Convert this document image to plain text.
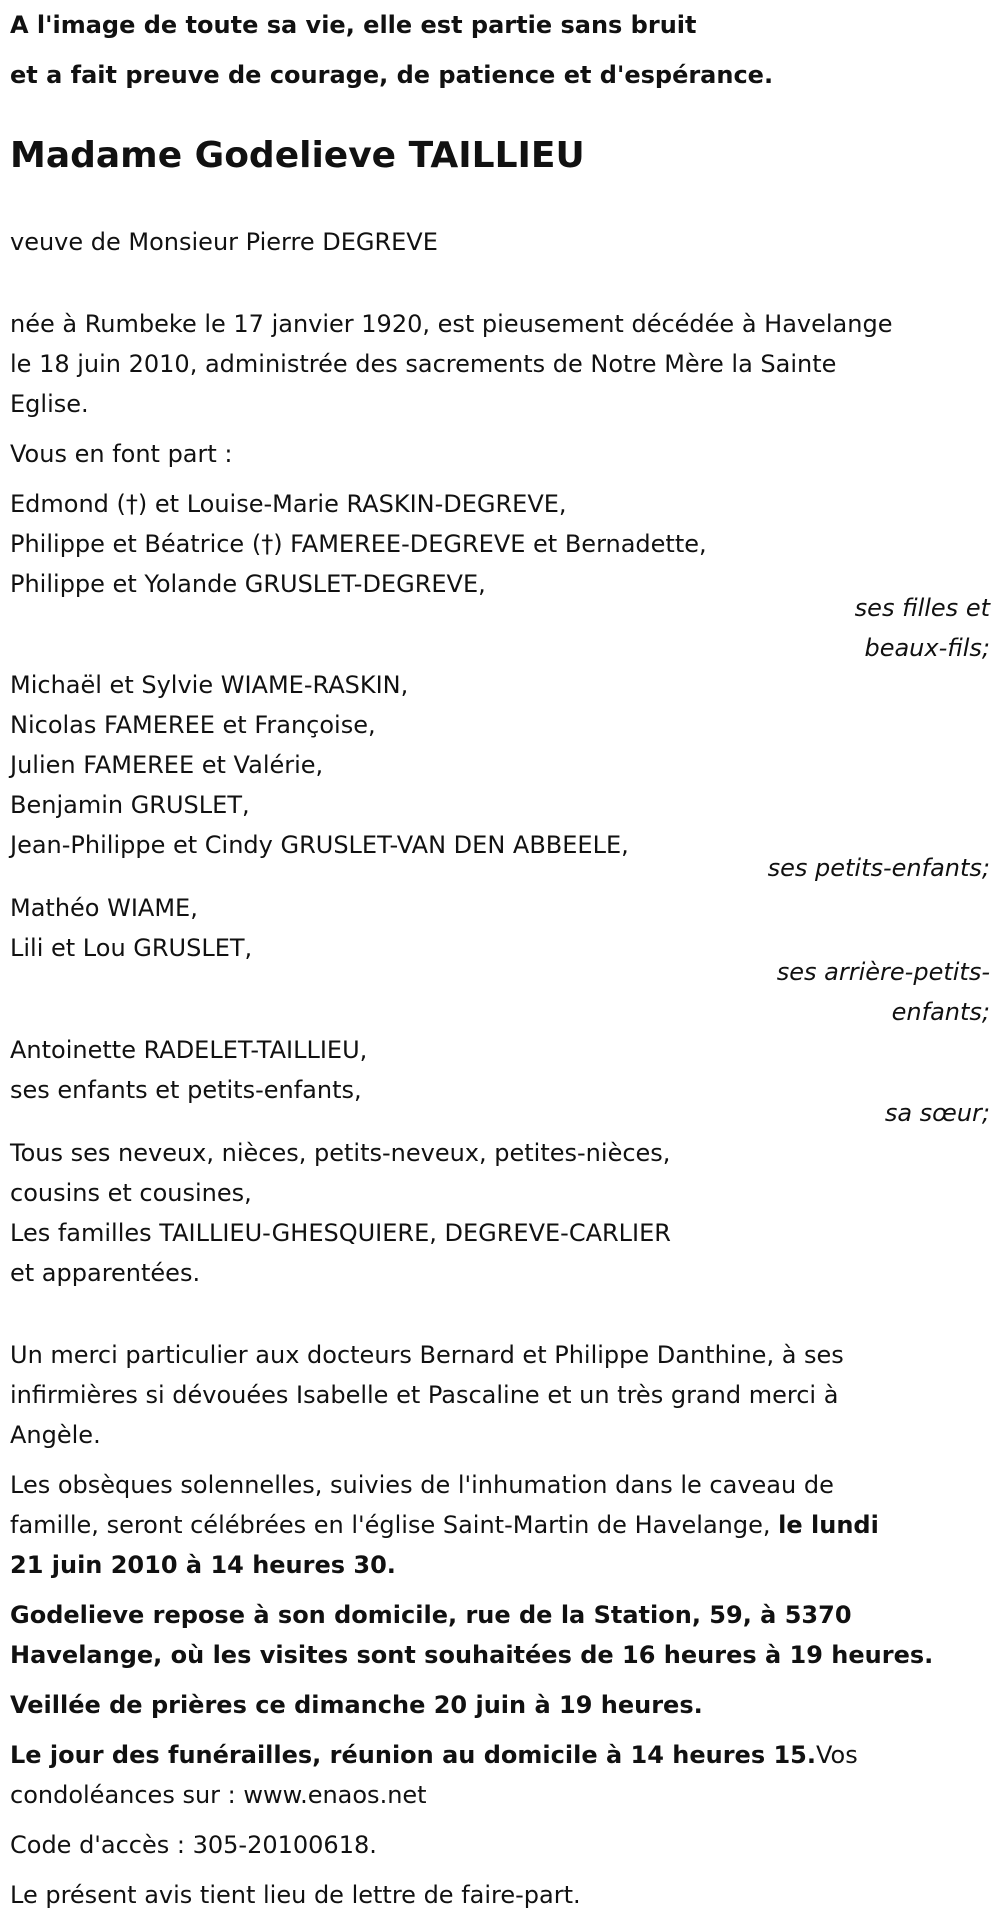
A l'image de toute sa vie, elle est partie sans bruit

et a fait preuve de courage, de patience et d'espérance.

Madame Godelieve TAILLIEU

veuve de Monsieur Pierre DEGREVE

née à Rumbeke le 17 janvier 1920, est pieusement décédée à Havelange

le 18 juin 2010, administrée des sacrements de Notre Mère la Sainte

Eglise.

Vous en font part :

Edmond (†) et Louise-Marie RASKIN-DEGREVE,

Philippe et Béatrice (†) FAMEREE-DEGREVE et Bernadette,

Philippe et Yolande GRUSLET-DEGREVE,

ses filles et

beaux-fils;

Michaël et Sylvie WIAME-RASKIN,

Nicolas FAMEREE et Françoise,

Julien FAMEREE et Valérie,

Benjamin GRUSLET,

Jean-Philippe et Cindy GRUSLET-VAN DEN ABBEELE,

ses petits-enfants;

Mathéo WIAME,

Lili et Lou GRUSLET,

ses arrière-petits-

enfants;

Antoinette RADELET-TAILLIEU,

ses enfants et petits-enfants,

sa sœur;

Tous ses neveux, nièces, petits-neveux, petites-nièces,

cousins et cousines,

Les familles TAILLIEU-GHESQUIERE, DEGREVE-CARLIER

et apparentées.

Un merci particulier aux docteurs Bernard et Philippe Danthine, à ses

infirmières si dévouées Isabelle et Pascaline et un très grand merci à

Angèle.

Les obsèques solennelles, suivies de l'inhumation dans le caveau de

famille, seront célébrées en l'église Saint-Martin de Havelange, le lundi

21 juin 2010 à 14 heures 30.

Godelieve repose à son domicile, rue de la Station, 59, à 5370

Havelange, où les visites sont souhaitées de 16 heures à 19 heures.

Veillée de prières ce dimanche 20 juin à 19 heures.

Le jour des funérailles, réunion au domicile à 14 heures 15.Vos

condoléances sur : www.enaos.net

Code d'accès : 305-20100618.

Le présent avis tient lieu de lettre de faire-part.
